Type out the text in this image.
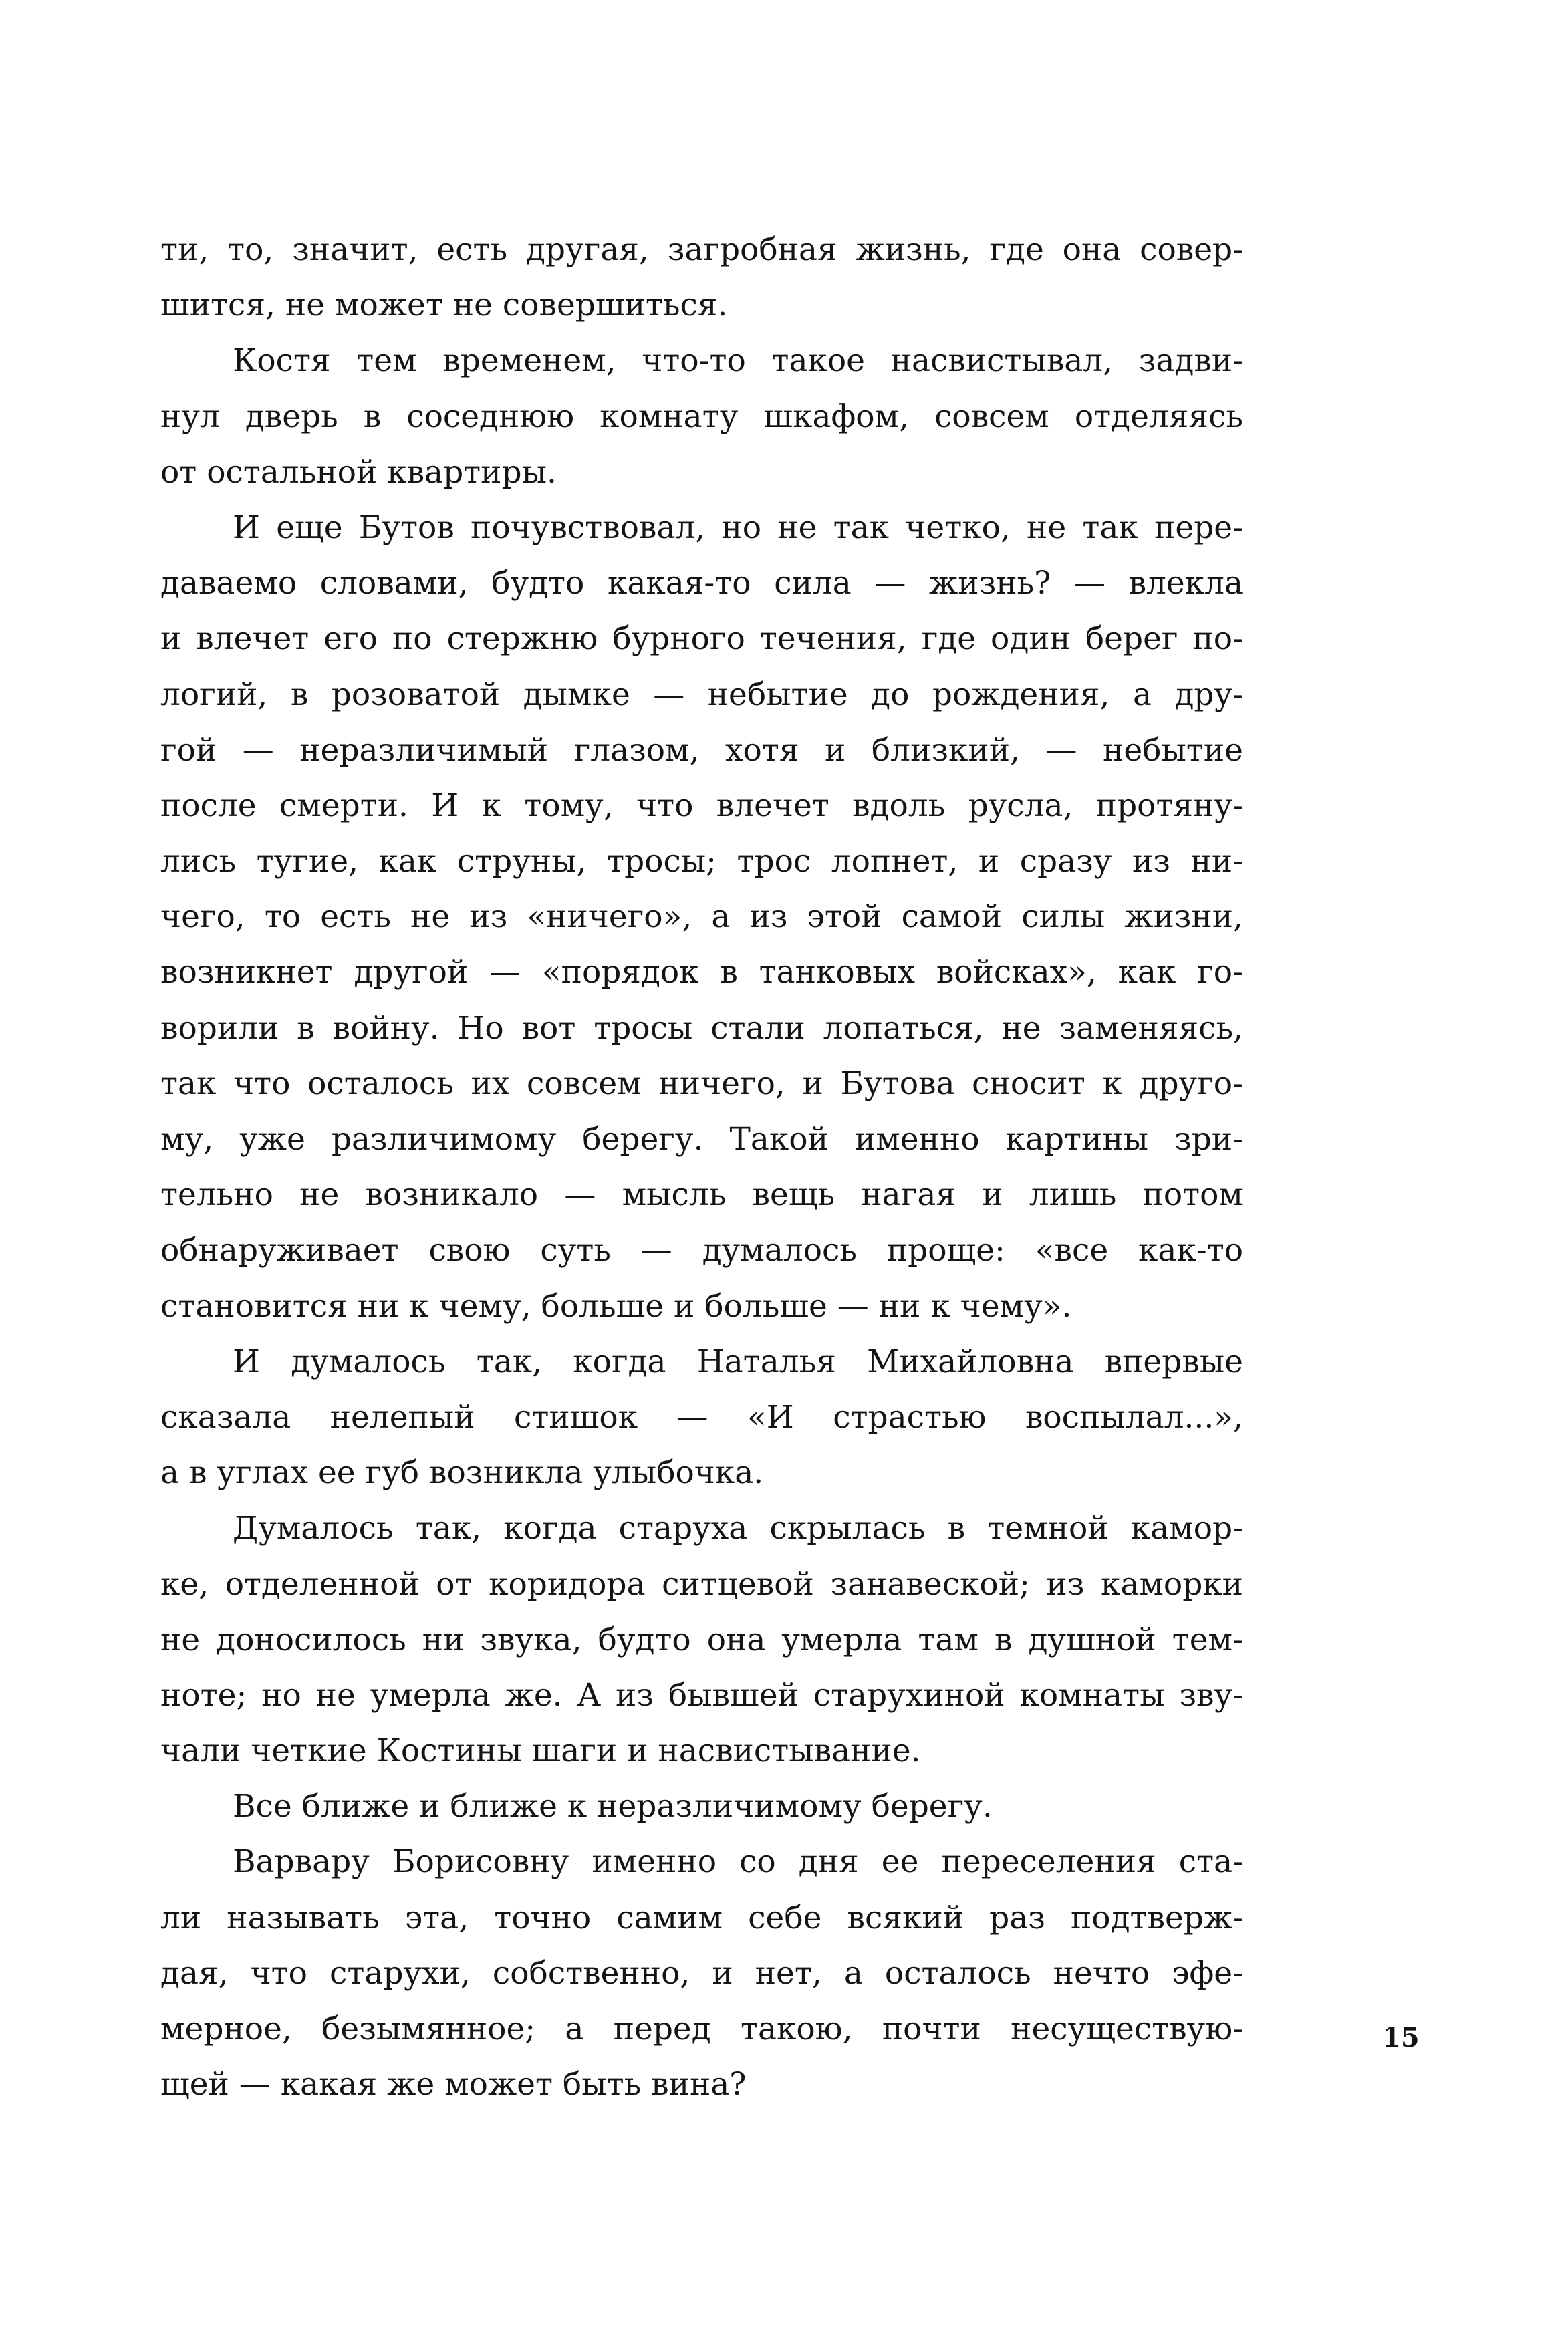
ти, то, значит, есть другая, загробная жизнь, где она совер-
шится, не может не совершиться.
Костя тем временем, что-то такое насвистывал, задви-
нул дверь в соседнюю комнату шкафом, совсем отделяясь
от остальной квартиры.
И еще Бутов почувствовал, но не так четко, не так пере-
даваемо словами, будто какая-то сила — жизнь? — влекла
и влечет его по стержню бурного течения, где один берег по-
логий, в розоватой дымке — небытие до рождения, а дру-
гой — неразличимый глазом, хотя и близкий, — небытие
после смерти. И к тому, что влечет вдоль русла, протяну-
лись тугие, как струны, тросы; трос лопнет, и сразу из ни-
чего, то есть не из «ничего», а из этой самой силы жизни,
возникнет другой — «порядок в танковых войсках», как го-
ворили в войну. Но вот тросы стали лопаться, не заменяясь,
так что осталось их совсем ничего, и Бутова сносит к друго-
му, уже различимому берегу. Такой именно картины зри-
тельно не возникало — мысль вещь нагая и лишь потом
обнаруживает свою суть — думалось проще: «все как-то
становится ни к чему, больше и больше — ни к чему».
И думалось так, когда Наталья Михайловна впервые
сказала нелепый стишок — «И страстью воспылал...»,
а в углах ее губ возникла улыбочка.
Думалось так, когда старуха скрылась в темной камор-
ке, отделенной от коридора ситцевой занавеской; из каморки
не доносилось ни звука, будто она умерла там в душной тем-
ноте; но не умерла же. А из бывшей старухиной комнаты зву-
чали четкие Костины шаги и насвистывание.
Все ближе и ближе к неразличимому берегу.
Варвару Борисовну именно со дня ее переселения ста-
ли называть эта, точно самим себе всякий раз подтверж-
дая, что старухи, собственно, и нет, а осталось нечто эфе-
мерное, безымянное; а перед такою, почти несуществую-
щей — какая же может быть вина?
15
